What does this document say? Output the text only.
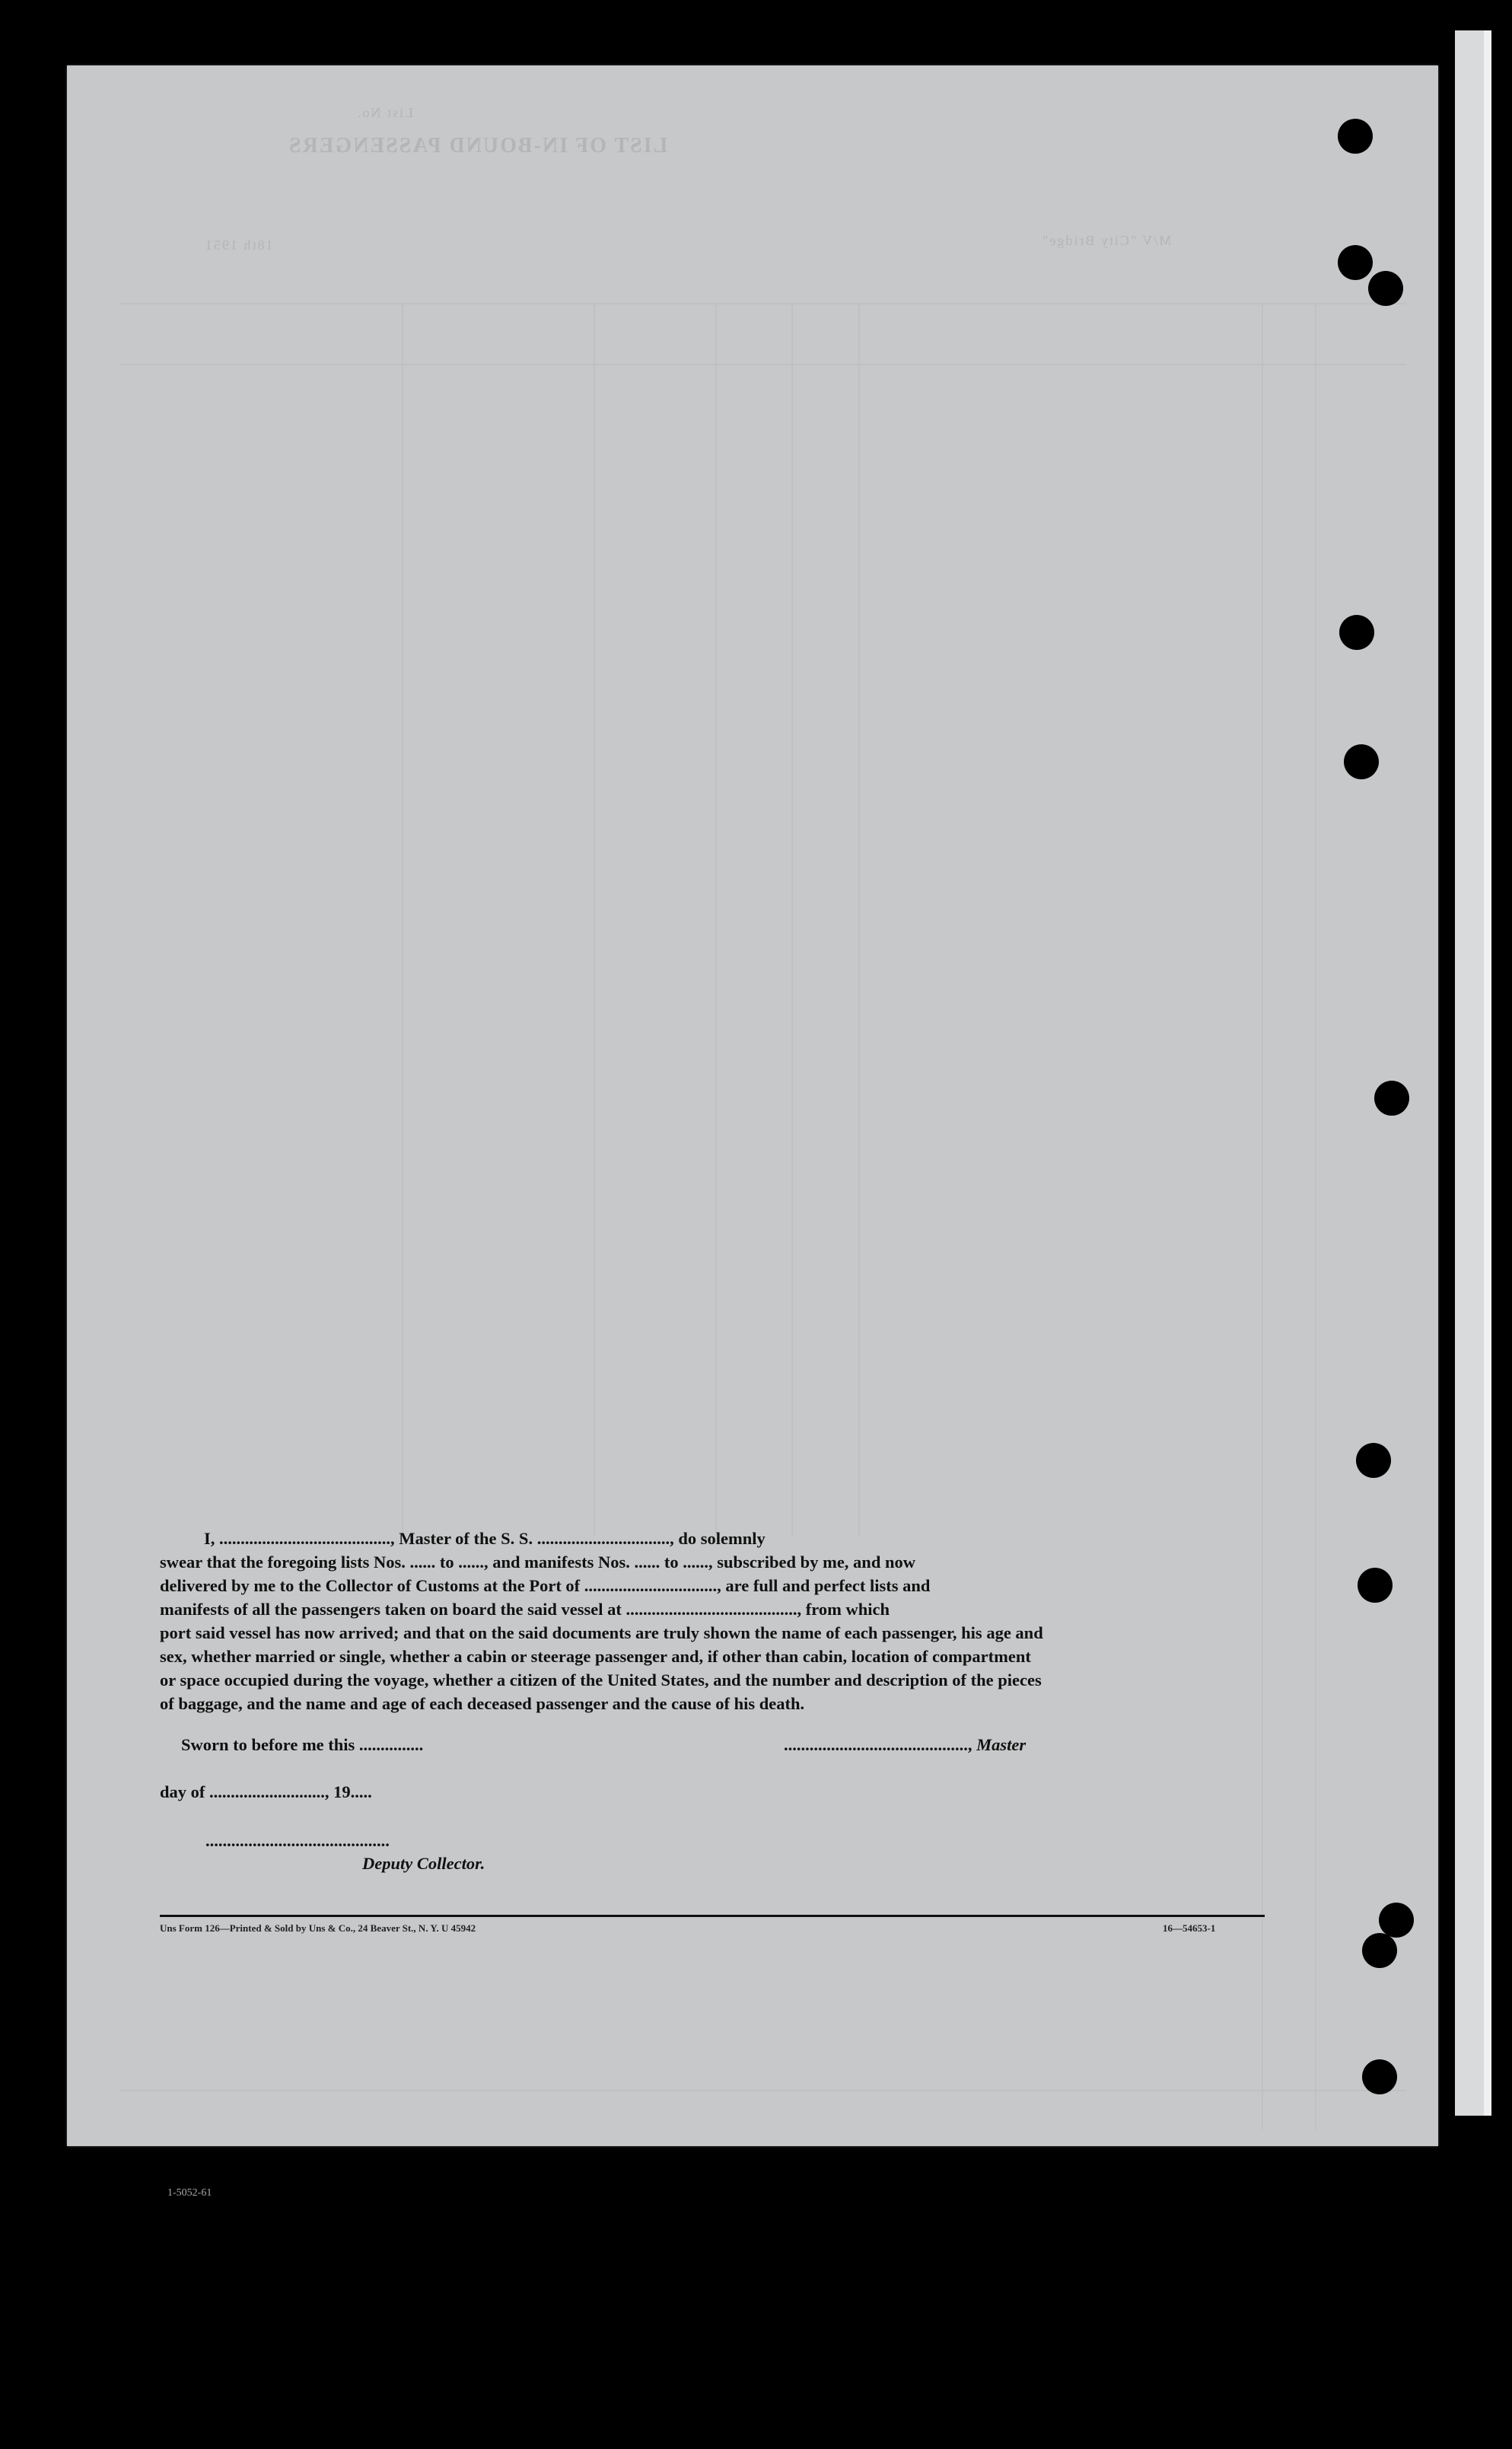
LIST OF IN-BOUND PASSENGERS
List No.
M/V "City Bridge"
18th 1951
1-5052-61

I, ........................................, Master of the S. S. ..............................., do solemnly

swear that the foregoing lists Nos. ...... to ......, and manifests Nos. ...... to ......, subscribed by me, and now
delivered by me to the Collector of Customs at the Port of ..............................., are full and perfect lists and
manifests of all the passengers taken on board the said vessel at ........................................, from which
port said vessel has now arrived; and that on the said documents are truly shown the name of each passenger, his age and
sex, whether married or single, whether a cabin or steerage passenger and, if other than cabin, location of compartment
or space occupied during the voyage, whether a citizen of the United States, and the number and description of the pieces
of baggage, and the name and age of each deceased passenger and the cause of his death.
Sworn to before me this ...............	..........................................., Master
day of ..........................., 19.....
...........................................
Deputy Collector.
Uns Form 126—Printed & Sold by Uns & Co., 24 Beaver St., N. Y. U 45942	16—54653-1
